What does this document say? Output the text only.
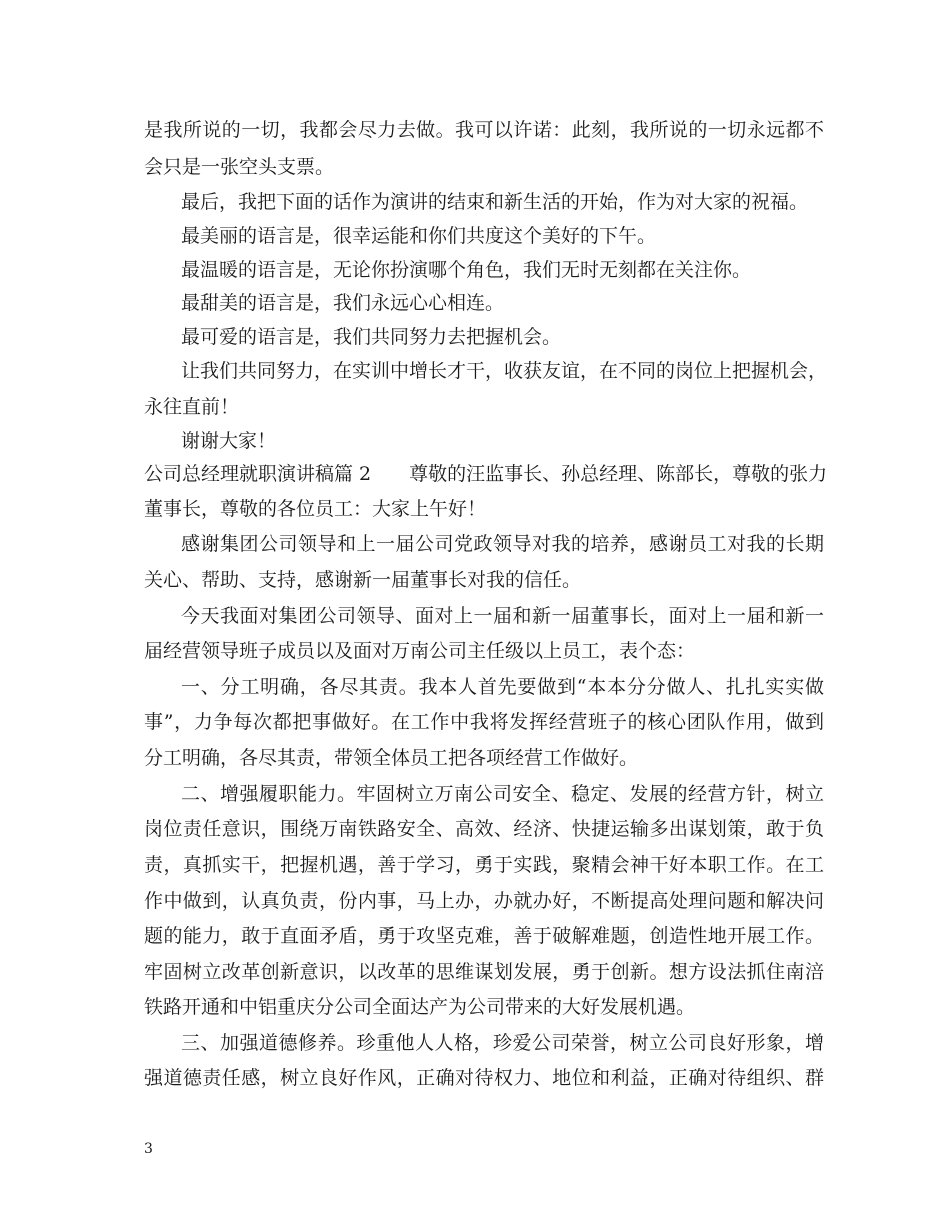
是我所说的一切，我都会尽力去做。我可以许诺：此刻，我所说的一切永远都不
会只是一张空头支票。
最后，我把下面的话作为演讲的结束和新生活的开始，作为对大家的祝福。
最美丽的语言是，很幸运能和你们共度这个美好的下午。
最温暖的语言是，无论你扮演哪个角色，我们无时无刻都在关注你。
最甜美的语言是，我们永远心心相连。
最可爱的语言是，我们共同努力去把握机会。
让我们共同努力，在实训中增长才干，收获友谊，在不同的岗位上把握机会，
永往直前！
谢谢大家！
公司总经理就职演讲稿篇 2　　尊敬的汪监事长、孙总经理、陈部长，尊敬的张力
董事长，尊敬的各位员工：大家上午好！
感谢集团公司领导和上一届公司党政领导对我的培养，感谢员工对我的长期
关心、帮助、支持，感谢新一届董事长对我的信任。
今天我面对集团公司领导、面对上一届和新一届董事长，面对上一届和新一
届经营领导班子成员以及面对万南公司主任级以上员工，表个态：
一、分工明确，各尽其责。我本人首先要做到“本本分分做人、扎扎实实做
事”，力争每次都把事做好。在工作中我将发挥经营班子的核心团队作用，做到
分工明确，各尽其责，带领全体员工把各项经营工作做好。
二、增强履职能力。牢固树立万南公司安全、稳定、发展的经营方针，树立
岗位责任意识，围绕万南铁路安全、高效、经济、快捷运输多出谋划策，敢于负
责，真抓实干，把握机遇，善于学习，勇于实践，聚精会神干好本职工作。在工
作中做到，认真负责，份内事，马上办，办就办好，不断提高处理问题和解决问
题的能力，敢于直面矛盾，勇于攻坚克难，善于破解难题，创造性地开展工作。
牢固树立改革创新意识，以改革的思维谋划发展，勇于创新。想方设法抓住南涪
铁路开通和中铝重庆分公司全面达产为公司带来的大好发展机遇。
三、加强道德修养。珍重他人人格，珍爱公司荣誉，树立公司良好形象，增
强道德责任感，树立良好作风，正确对待权力、地位和利益，正确对待组织、群
3
